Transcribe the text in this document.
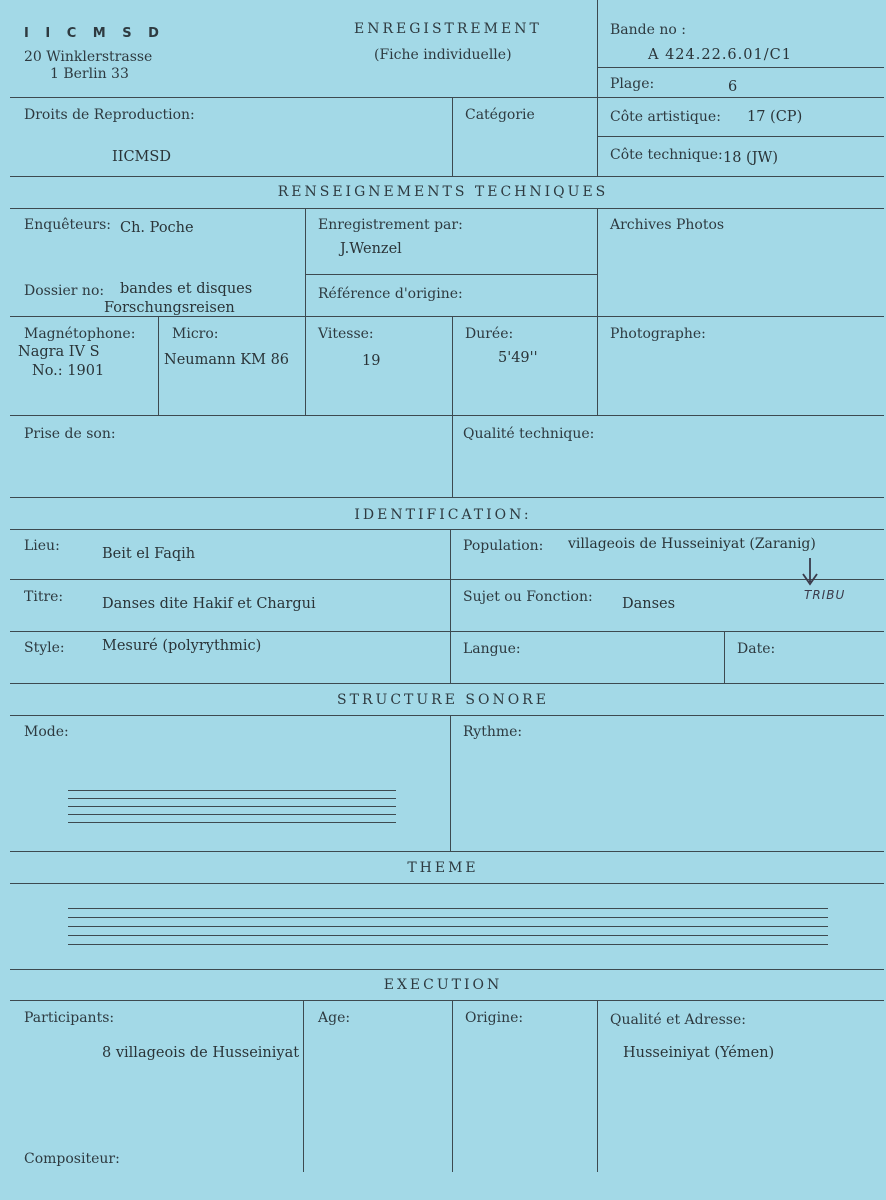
I I C M S D
20 Winklerstrasse
1 Berlin 33
ENREGISTREMENT
(Fiche individuelle)
Bande no :
A 424.22.6.01/C1
Plage:	6
Droits de Reproduction:
IICMSD
Catégorie	Côte artistique: 17 (CP)
Côte technique: 18 (JW)
RENSEIGNEMENTS TECHNIQUES
Enquêteurs: Ch. Poche	Enregistrement par:
J.Wenzel
Archives Photos
Dossier no: bandes et disques
Forschungsreisen
Référence d'origine:
Magnétophone:
Nagra IV S
No.: 1901
Micro:
Neumann KM 86
Vitesse:
19
Durée:
5'49''
Photographe:
Prise de son:	Qualité technique:
IDENTIFICATION:
Lieu:	Beit el Faqih	Population: villageois de Husseiniyat (Zaranig)
TRIBU
Titre:	Danses dite Hakif et Chargui	Sujet ou Fonction: Danses
Style:	Mesuré (polyrythmic)	Langue:	Date:
STRUCTURE SONORE
Mode:	Rythme:
THEME
EXECUTION
Participants:
8 villageois de Husseiniyat
Age:	Origine:	Qualité et Adresse:
Husseiniyat (Yémen)
Compositeur:
